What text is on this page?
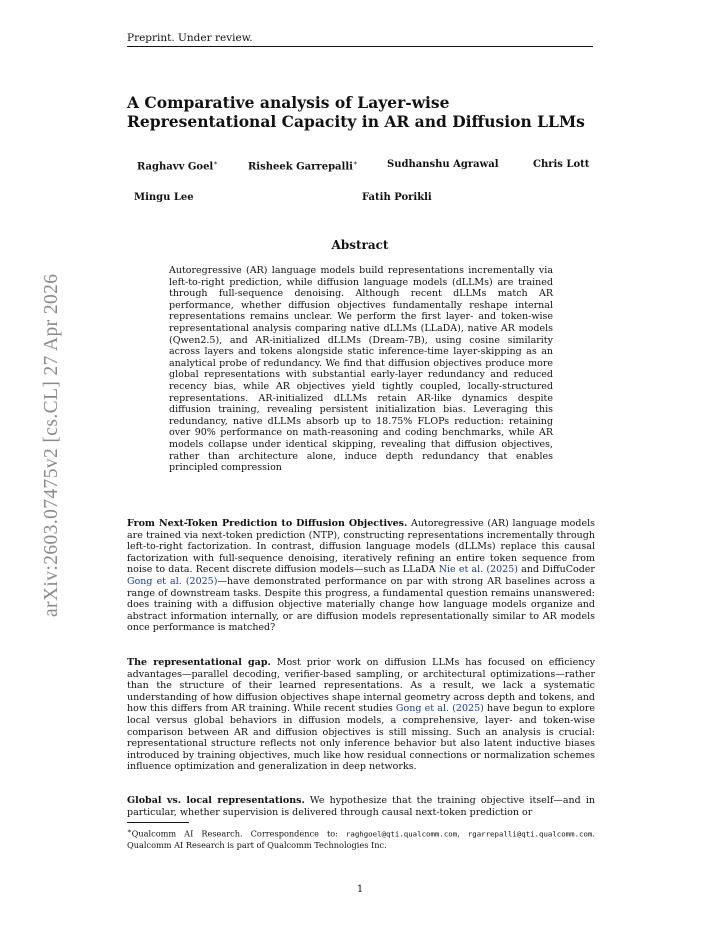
Preprint. Under review.
arXiv:2603.07475v2 [cs.CL] 27 Apr 2026
A Comparative analysis of Layer-wise Representational Capacity in AR and Diffusion LLMs
Raghavv Goel∗	Risheek Garrepalli∗	Sudhanshu Agrawal	Chris Lott
Mingu Lee	Fatih Porikli
Abstract
Autoregressive (AR) language models build representations incrementally via left-to-right prediction, while diffusion language models (dLLMs) are trained through full-sequence denoising. Although recent dLLMs match AR performance, whether diffusion objectives fundamentally reshape internal representations remains unclear. We perform the first layer- and token-wise representational analysis comparing native dLLMs (LLaDA), native AR models (Qwen2.5), and AR-initialized dLLMs (Dream-7B), using cosine similarity across layers and tokens alongside static inference-time layer-skipping as an analytical probe of redundancy. We find that diffusion objectives produce more global representations with substantial early-layer redundancy and reduced recency bias, while AR objectives yield tightly coupled, locally-structured representations. AR-initialized dLLMs retain AR-like dynamics despite diffusion training, revealing persistent initialization bias. Leveraging this redundancy, native dLLMs absorb up to 18.75% FLOPs reduction: retaining over 90% performance on math-reasoning and coding benchmarks, while AR models collapse under identical skipping, revealing that diffusion objectives, rather than architecture alone, induce depth redundancy that enables principled compression
From Next-Token Prediction to Diffusion Objectives. Autoregressive (AR) language models are trained via next-token prediction (NTP), constructing representations incrementally through left-to-right factorization. In contrast, diffusion language models (dLLMs) replace this causal factorization with full-sequence denoising, iteratively refining an entire token sequence from noise to data. Recent discrete diffusion models—such as LLaDA Nie et al. (2025) and DiffuCoder Gong et al. (2025)—have demonstrated performance on par with strong AR baselines across a range of downstream tasks. Despite this progress, a fundamental question remains unanswered: does training with a diffusion objective materially change how language models organize and abstract information internally, or are diffusion models representationally similar to AR models once performance is matched?
The representational gap. Most prior work on diffusion LLMs has focused on efficiency advantages—parallel decoding, verifier-based sampling, or architectural optimizations—rather than the structure of their learned representations. As a result, we lack a systematic understanding of how diffusion objectives shape internal geometry across depth and tokens, and how this differs from AR training. While recent studies Gong et al. (2025) have begun to explore local versus global behaviors in diffusion models, a comprehensive, layer- and token-wise comparison between AR and diffusion objectives is still missing. Such an analysis is crucial: representational structure reflects not only inference behavior but also latent inductive biases introduced by training objectives, much like how residual connections or normalization schemes influence optimization and generalization in deep networks.
Global vs. local representations. We hypothesize that the training objective itself—and in particular, whether supervision is delivered through causal next-token prediction or
∗Qualcomm AI Research. Correspondence to: raghgoel@qti.qualcomm.com, rgarrepalli@qti.qualcomm.com. Qualcomm AI Research is part of Qualcomm Technologies Inc.
1
